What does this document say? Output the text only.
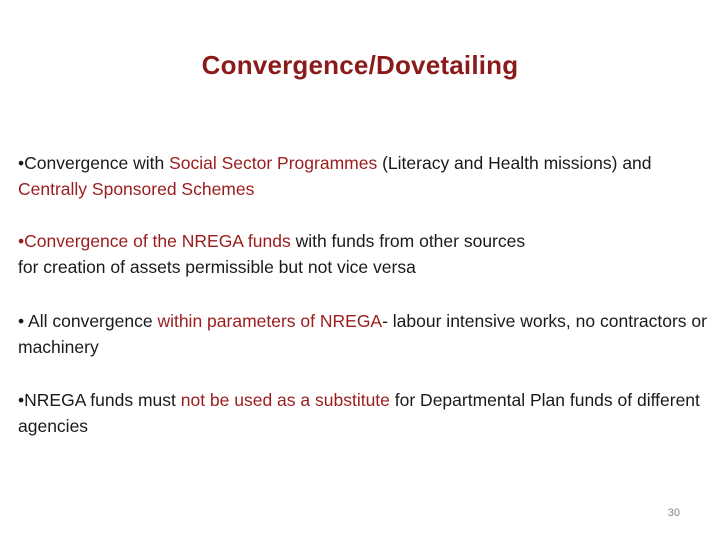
Convergence/Dovetailing
•Convergence with Social Sector Programmes (Literacy and Health missions) and Centrally Sponsored Schemes
•Convergence of the NREGA funds with funds from other sources
for creation of assets permissible but not vice versa
• All convergence within parameters of NREGA- labour intensive works, no contractors or machinery
•NREGA funds must not be used as a substitute for Departmental Plan funds of different agencies
30
